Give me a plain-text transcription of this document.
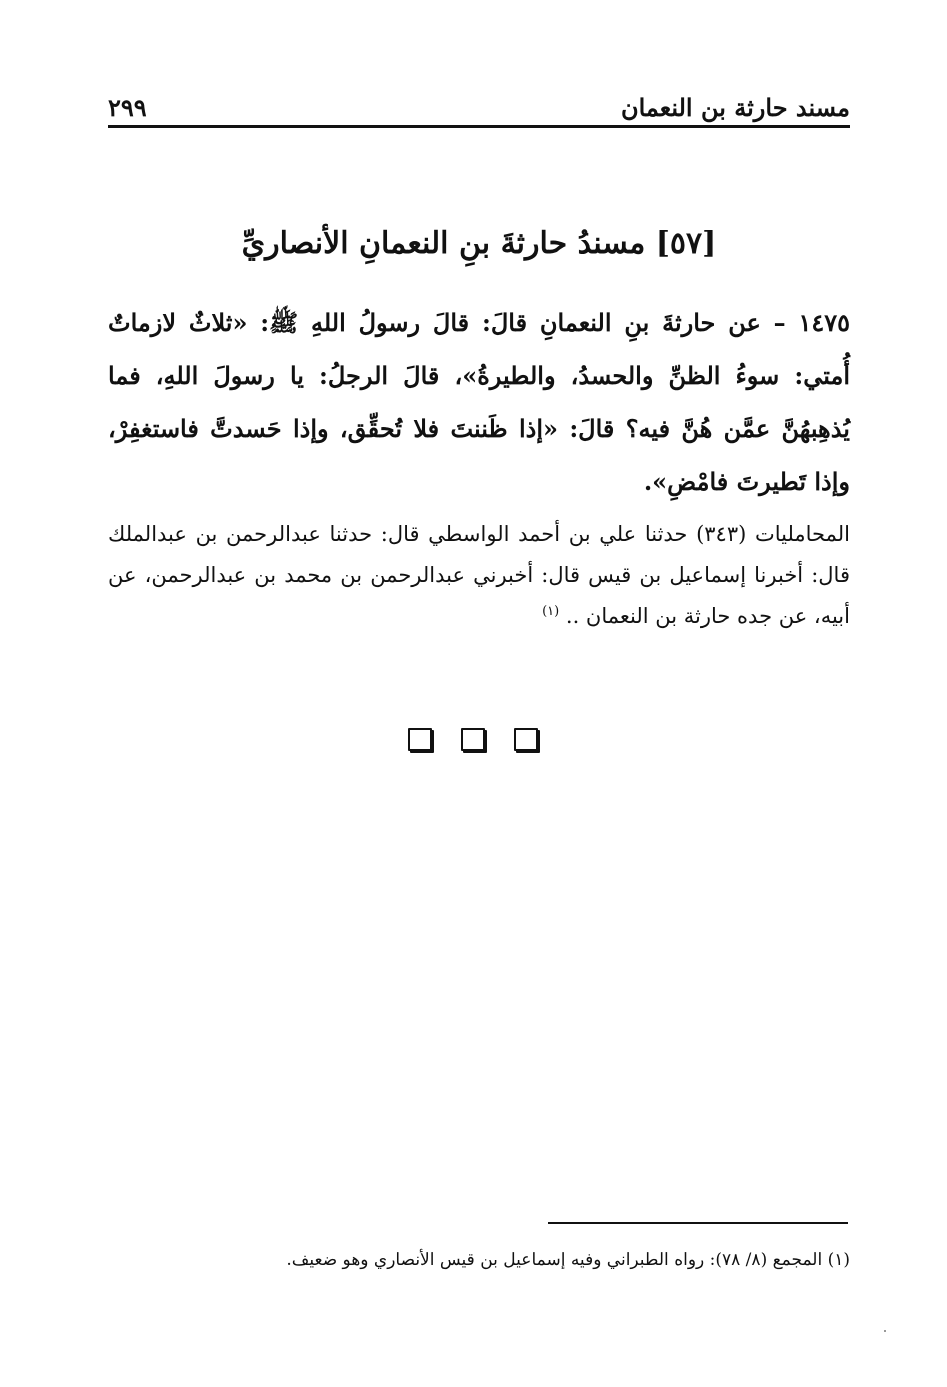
مسند حارثة بن النعمان
٢٩٩
[٥٧] مسندُ حارثةَ بنِ النعمانِ الأنصاريِّ
١٤٧٥ – عن حارثةَ بنِ النعمانِ قالَ: قالَ رسولُ اللهِ ﷺ: «ثلاثٌ لازماتٌ أُمتي: سوءُ الظنِّ والحسدُ، والطيرةُ»، قالَ الرجلُ: يا رسولَ اللهِ، فما يُذهِبهُنَّ عمَّن هُنَّ فيه؟ قالَ: «إذا ظَننتَ فلا تُحقِّق، وإذا حَسدتَّ فاستغفِرْ، وإذا تَطيرتَ فامْضِ».
المحامليات (٣٤٣) حدثنا علي بن أحمد الواسطي قال: حدثنا عبدالرحمن بن عبدالملك قال: أخبرنا إسماعيل بن قيس قال: أخبرني عبدالرحمن بن محمد بن عبدالرحمن، عن أبيه، عن جده حارثة بن النعمان .. $^{(١)}$
(١) المجمع (٨/ ٧٨): رواه الطبراني وفيه إسماعيل بن قيس الأنصاري وهو ضعيف.
